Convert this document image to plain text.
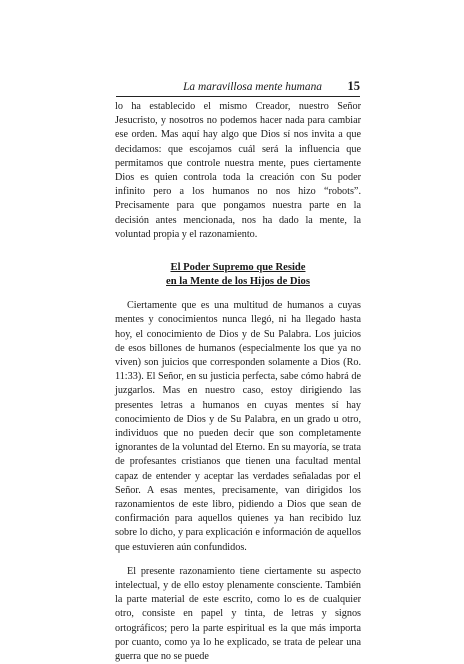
La maravillosa mente humana 15

lo ha establecido el mismo Creador, nuestro Señor Jesucristo, y nosotros no podemos hacer nada para cambiar ese orden. Mas aquí hay algo que Dios sí nos invita a que decidamos: que escojamos cuál será la influencia que permitamos que controle nuestra mente, pues ciertamente Dios es quien controla toda la creación con Su poder infinito pero a los humanos no nos hizo “robots”. Precisamente para que pongamos nuestra parte en la decisión antes mencionada, nos ha dado la mente, la voluntad propia y el razonamiento.

El Poder Supremo que Reside
en la Mente de los Hijos de Dios

Ciertamente que es una multitud de humanos a cuyas mentes y conocimientos nunca llegó, ni ha llegado hasta hoy, el conocimiento de Dios y de Su Palabra. Los juicios de esos billones de humanos (especialmente los que ya no viven) son juicios que corresponden solamente a Dios (Ro. 11:33). El Señor, en su justicia perfecta, sabe cómo habrá de juzgarlos. Mas en nuestro caso, estoy dirigiendo las presentes letras a humanos en cuyas mentes sí hay conocimiento de Dios y de Su Palabra, en un grado u otro, individuos que no pueden decir que son completamente ignorantes de la voluntad del Eterno. En su mayoría, se trata de profesantes cristianos que tienen una facultad mental capaz de entender y aceptar las verdades señaladas por el Señor. A esas mentes, precisamente, van dirigidos los razonamientos de este libro, pidiendo a Dios que sean de confirmación para aquellos quienes ya han recibido luz sobre lo dicho, y para explicación e información de aquellos que estuvieren aún confundidos.

El presente razonamiento tiene ciertamente su aspecto intelectual, y de ello estoy plenamente consciente. También la parte material de este escrito, como lo es de cualquier otro, consiste en papel y tinta, de letras y signos ortográficos; pero la parte espiritual es la que más importa por cuanto, como ya lo he explicado, se trata de pelear una guerra que no se puede
